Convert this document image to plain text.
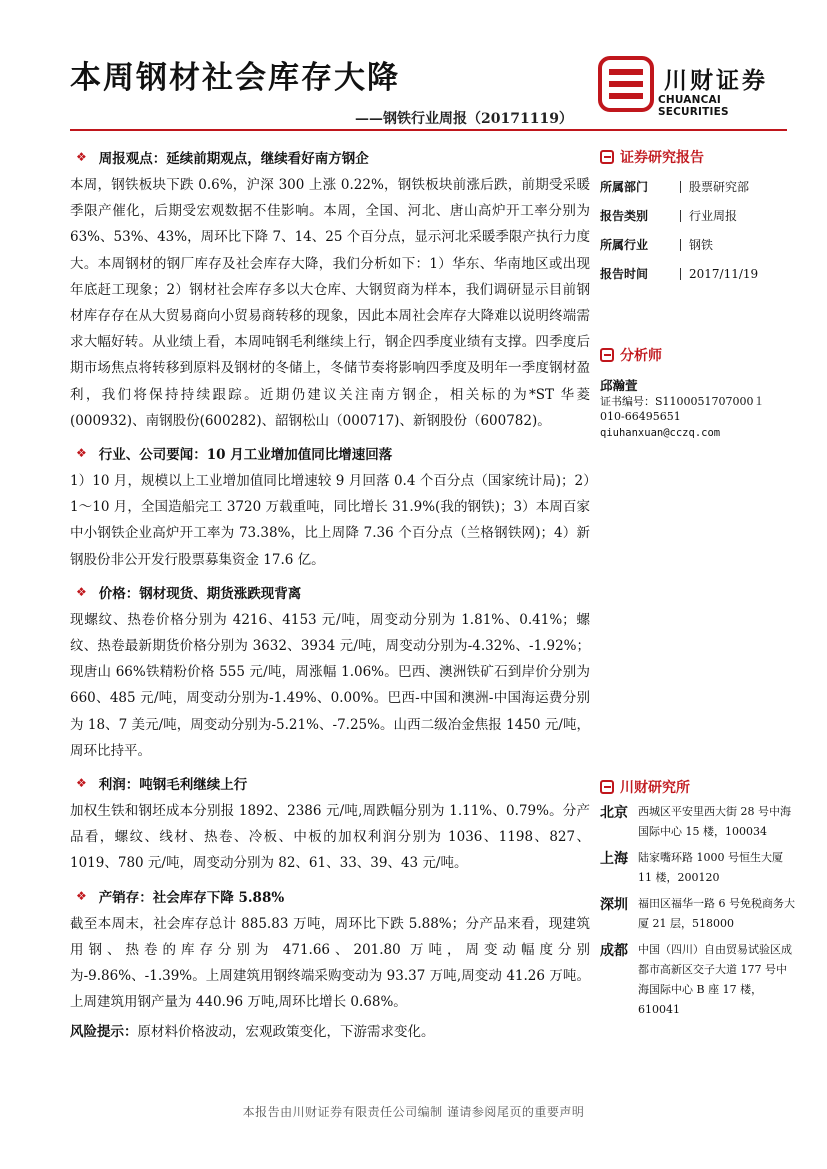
本周钢材社会库存大降
——钢铁行业周报（20171119）
川财证券
CHUANCAI SECURITIES
❖ 周报观点：延续前期观点，继续看好南方钢企
本周，钢铁板块下跌 0.6%，沪深 300 上涨 0.22%，钢铁板块前涨后跌，前期受采暖季限产催化，后期受宏观数据不佳影响。本周，全国、河北、唐山高炉开工率分别为 63%、53%、43%，周环比下降 7、14、25 个百分点，显示河北采暖季限产执行力度大。本周钢材的钢厂库存及社会库存大降，我们分析如下：1）华东、华南地区或出现年底赶工现象；2）钢材社会库存多以大仓库、大钢贸商为样本，我们调研显示目前钢材库存存在从大贸易商向小贸易商转移的现象，因此本周社会库存大降难以说明终端需求大幅好转。从业绩上看，本周吨钢毛利继续上行，钢企四季度业绩有支撑。四季度后期市场焦点将转移到原料及钢材的冬储上，冬储节奏将影响四季度及明年一季度钢材盈利，我们将保持持续跟踪。近期仍建议关注南方钢企，相关标的为*ST 华菱(000932)、南钢股份(600282)、韶钢松山（000717)、新钢股份（600782)。
❖ 行业、公司要闻：10 月工业增加值同比增速回落
1）10 月，规模以上工业增加值同比增速较 9 月回落 0.4 个百分点（国家统计局)；2）1～10 月，全国造船完工 3720 万载重吨，同比增长 31.9%(我的钢铁)；3）本周百家中小钢铁企业高炉开工率为 73.38%，比上周降 7.36 个百分点（兰格钢铁网)；4）新钢股份非公开发行股票募集资金 17.6 亿。
❖ 价格：钢材现货、期货涨跌现背离
现螺纹、热卷价格分别为 4216、4153 元/吨，周变动分别为 1.81%、0.41%；螺纹、热卷最新期货价格分别为 3632、3934 元/吨，周变动分别为-4.32%、-1.92%；现唐山 66%铁精粉价格 555 元/吨，周涨幅 1.06%。巴西、澳洲铁矿石到岸价分别为 660、485 元/吨，周变动分别为-1.49%、0.00%。巴西-中国和澳洲-中国海运费分别为 18、7 美元/吨，周变动分别为-5.21%、-7.25%。山西二级冶金焦报 1450 元/吨，周环比持平。
❖ 利润：吨钢毛利继续上行
加权生铁和钢坯成本分别报 1892、2386 元/吨,周跌幅分别为 1.11%、0.79%。分产品看，螺纹、线材、热卷、冷板、中板的加权利润分别为 1036、1198、827、1019、780 元/吨，周变动分别为 82、61、33、39、43 元/吨。
❖ 产销存：社会库存下降 5.88%
截至本周末，社会库存总计 885.83 万吨，周环比下跌 5.88%；分产品来看，现建筑用钢、热卷的库存分别为 471.66、201.80 万吨，周变动幅度分别为-9.86%、-1.39%。上周建筑用钢终端采购变动为 93.37 万吨,周变动 41.26 万吨。上周建筑用钢产量为 440.96 万吨,周环比增长 0.68%。
风险提示：原材料价格波动，宏观政策变化，下游需求变化。
证券研究报告
所属部门	股票研究部
报告类别	行业周报
所属行业	钢铁
报告时间	2017/11/19
分析师
邱瀚萱
证书编号：S1100051707000１
010-66495651
qiuhanxuan@cczq.com
川财研究所
北京 西城区平安里西大街 28 号中海国际中心 15 楼，100034
上海 陆家嘴环路 1000 号恒生大厦 11 楼，200120
深圳 福田区福华一路 6 号免税商务大厦 21 层，518000
成都 中国（四川）自由贸易试验区成都市高新区交子大道 177 号中海国际中心 B 座 17 楼，610041
本报告由川财证券有限责任公司编制 谨请参阅尾页的重要声明
